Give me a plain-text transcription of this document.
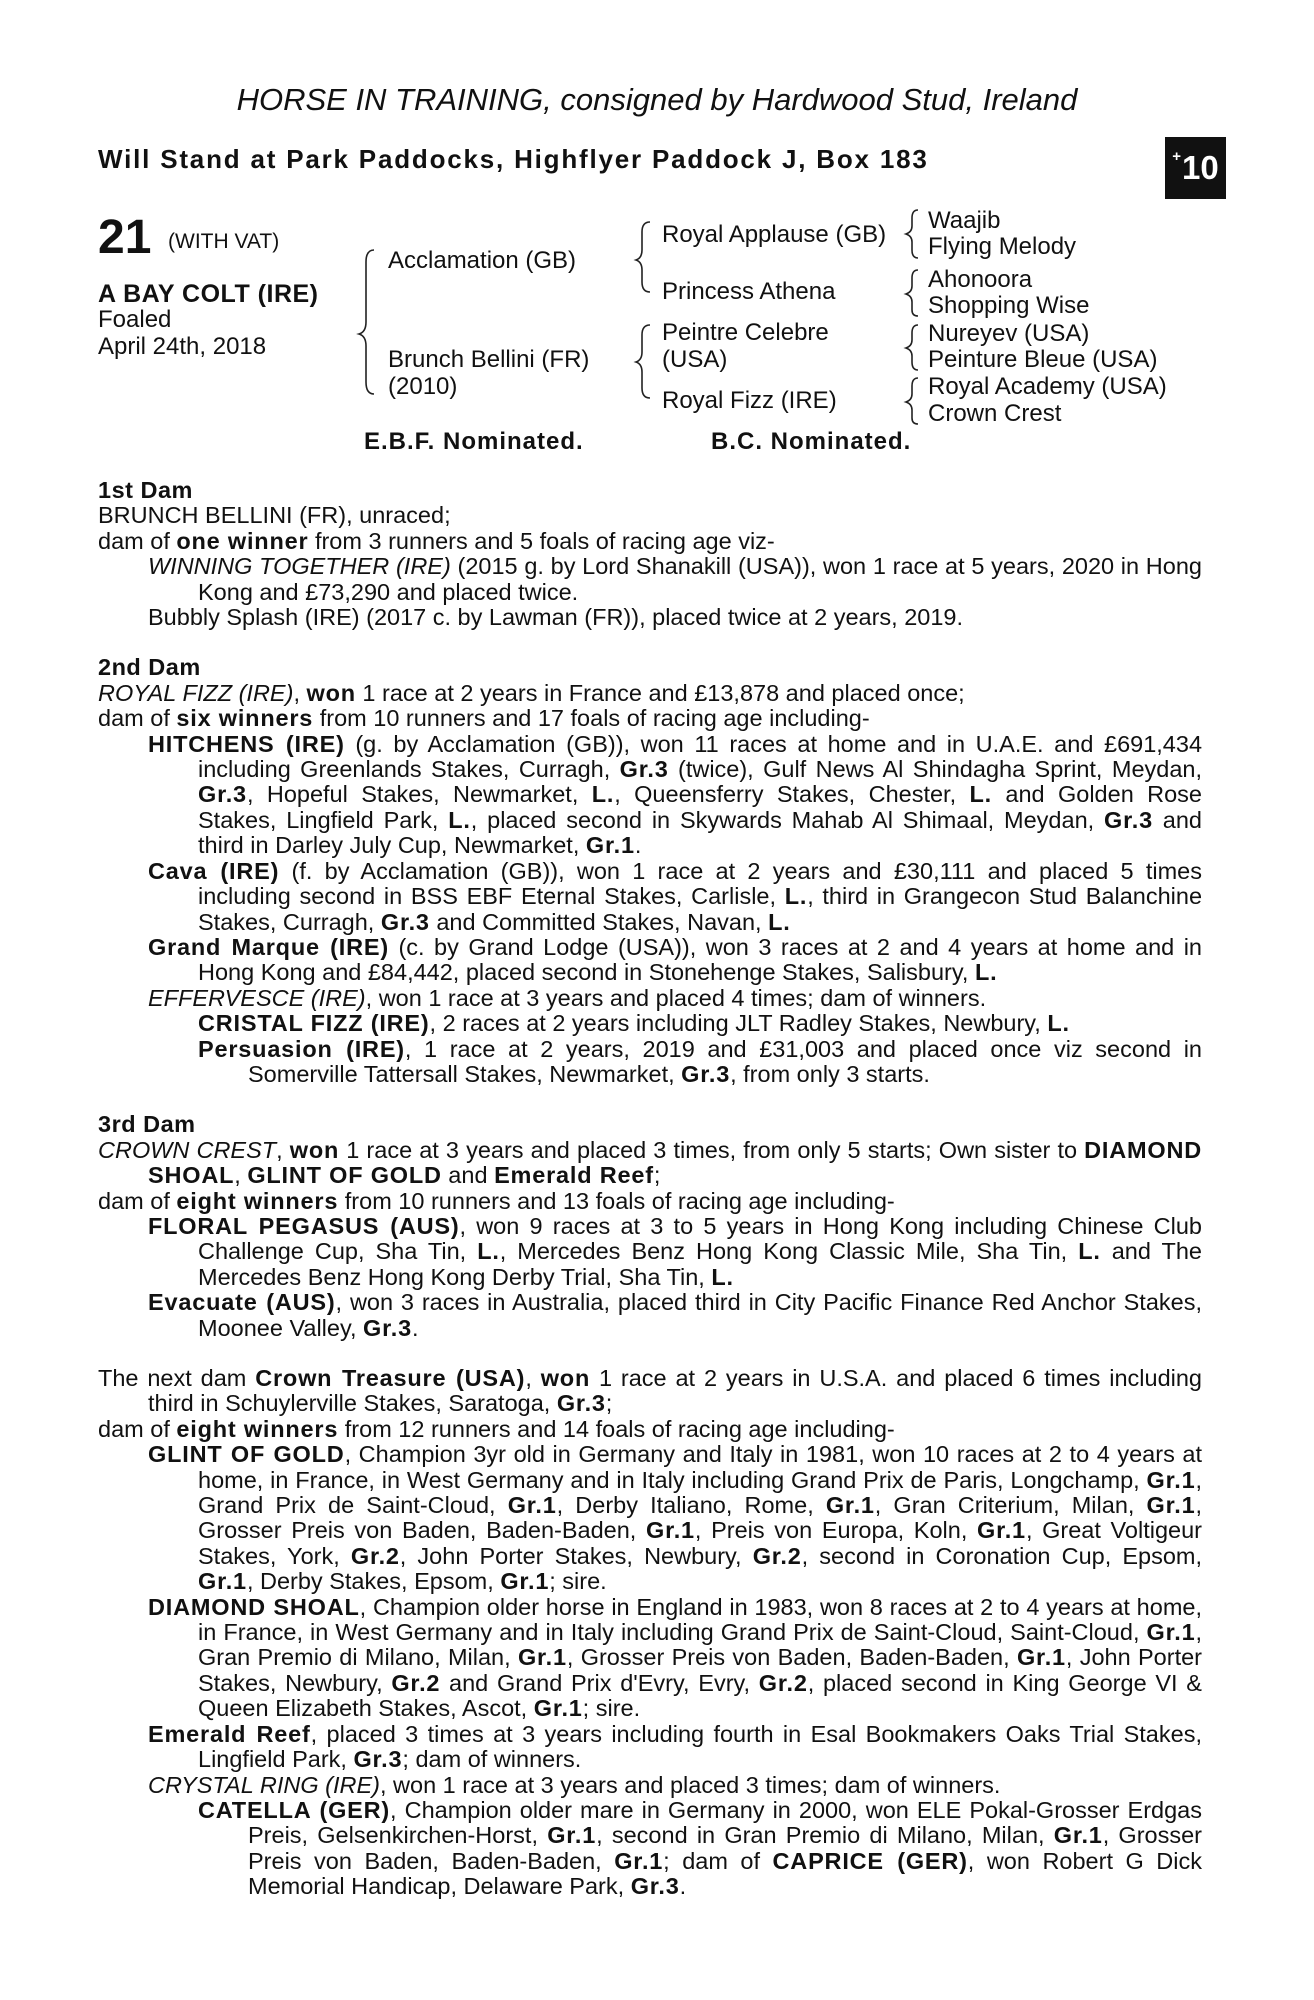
HORSE IN TRAINING, consigned by Hardwood Stud, Ireland
Will Stand at Park Paddocks, Highflyer Paddock J, Box 183	+ 10
21 (WITH VAT)
A BAY COLT (IRE)
Foaled
April 24th, 2018
Acclamation (GB)
Brunch Bellini (FR)
(2010)
Royal Applause (GB)
Princess Athena
Peintre Celebre
(USA)
Royal Fizz (IRE)
Waajib
Flying Melody
Ahonoora
Shopping Wise
Nureyev (USA)
Peinture Bleue (USA)
Royal Academy (USA)
Crown Crest
E.B.F. Nominated.	B.C. Nominated.

1st Dam

BRUNCH BELLINI (FR), unraced;

dam of one winner from 3 runners and 5 foals of racing age viz-

WINNING TOGETHER (IRE) (2015 g. by Lord Shanakill (USA)), won 1 race at 5 years, 2020 in Hong Kong and £73,290 and placed twice.

Bubbly Splash (IRE) (2017 c. by Lawman (FR)), placed twice at 2 years, 2019.

2nd Dam

ROYAL FIZZ (IRE), won 1 race at 2 years in France and £13,878 and placed once;

dam of six winners from 10 runners and 17 foals of racing age including-

HITCHENS (IRE) (g. by Acclamation (GB)), won 11 races at home and in U.A.E. and £691,434 including Greenlands Stakes, Curragh, Gr.3 (twice), Gulf News Al Shindagha Sprint, Meydan, Gr.3, Hopeful Stakes, Newmarket, L., Queensferry Stakes, Chester, L. and Golden Rose Stakes, Lingfield Park, L., placed second in Skywards Mahab Al Shimaal, Meydan, Gr.3 and third in Darley July Cup, Newmarket, Gr.1.

Cava (IRE) (f. by Acclamation (GB)), won 1 race at 2 years and £30,111 and placed 5 times including second in BSS EBF Eternal Stakes, Carlisle, L., third in Grangecon Stud Balanchine Stakes, Curragh, Gr.3 and Committed Stakes, Navan, L.

Grand Marque (IRE) (c. by Grand Lodge (USA)), won 3 races at 2 and 4 years at home and in Hong Kong and £84,442, placed second in Stonehenge Stakes, Salisbury, L.

EFFERVESCE (IRE), won 1 race at 3 years and placed 4 times; dam of winners.

CRISTAL FIZZ (IRE), 2 races at 2 years including JLT Radley Stakes, Newbury, L.

Persuasion (IRE), 1 race at 2 years, 2019 and £31,003 and placed once viz second in Somerville Tattersall Stakes, Newmarket, Gr.3, from only 3 starts.

3rd Dam

CROWN CREST, won 1 race at 3 years and placed 3 times, from only 5 starts; Own sister to DIAMOND SHOAL, GLINT OF GOLD and Emerald Reef;

dam of eight winners from 10 runners and 13 foals of racing age including-

FLORAL PEGASUS (AUS), won 9 races at 3 to 5 years in Hong Kong including Chinese Club Challenge Cup, Sha Tin, L., Mercedes Benz Hong Kong Classic Mile, Sha Tin, L. and The Mercedes Benz Hong Kong Derby Trial, Sha Tin, L.

Evacuate (AUS), won 3 races in Australia, placed third in City Pacific Finance Red Anchor Stakes, Moonee Valley, Gr.3.

The next dam Crown Treasure (USA), won 1 race at 2 years in U.S.A. and placed 6 times including third in Schuylerville Stakes, Saratoga, Gr.3;

dam of eight winners from 12 runners and 14 foals of racing age including-

GLINT OF GOLD, Champion 3yr old in Germany and Italy in 1981, won 10 races at 2 to 4 years at home, in France, in West Germany and in Italy including Grand Prix de Paris, Longchamp, Gr.1, Grand Prix de Saint-Cloud, Gr.1, Derby Italiano, Rome, Gr.1, Gran Criterium, Milan, Gr.1, Grosser Preis von Baden, Baden-Baden, Gr.1, Preis von Europa, Koln, Gr.1, Great Voltigeur Stakes, York, Gr.2, John Porter Stakes, Newbury, Gr.2, second in Coronation Cup, Epsom, Gr.1, Derby Stakes, Epsom, Gr.1; sire.

DIAMOND SHOAL, Champion older horse in England in 1983, won 8 races at 2 to 4 years at home, in France, in West Germany and in Italy including Grand Prix de Saint-Cloud, Saint-Cloud, Gr.1, Gran Premio di Milano, Milan, Gr.1, Grosser Preis von Baden, Baden-Baden, Gr.1, John Porter Stakes, Newbury, Gr.2 and Grand Prix d'Evry, Evry, Gr.2, placed second in King George VI & Queen Elizabeth Stakes, Ascot, Gr.1; sire.

Emerald Reef, placed 3 times at 3 years including fourth in Esal Bookmakers Oaks Trial Stakes, Lingfield Park, Gr.3; dam of winners.

CRYSTAL RING (IRE), won 1 race at 3 years and placed 3 times; dam of winners.

CATELLA (GER), Champion older mare in Germany in 2000, won ELE Pokal-Grosser Erdgas Preis, Gelsenkirchen-Horst, Gr.1, second in Gran Premio di Milano, Milan, Gr.1, Grosser Preis von Baden, Baden-Baden, Gr.1; dam of CAPRICE (GER), won Robert G Dick Memorial Handicap, Delaware Park, Gr.3.
